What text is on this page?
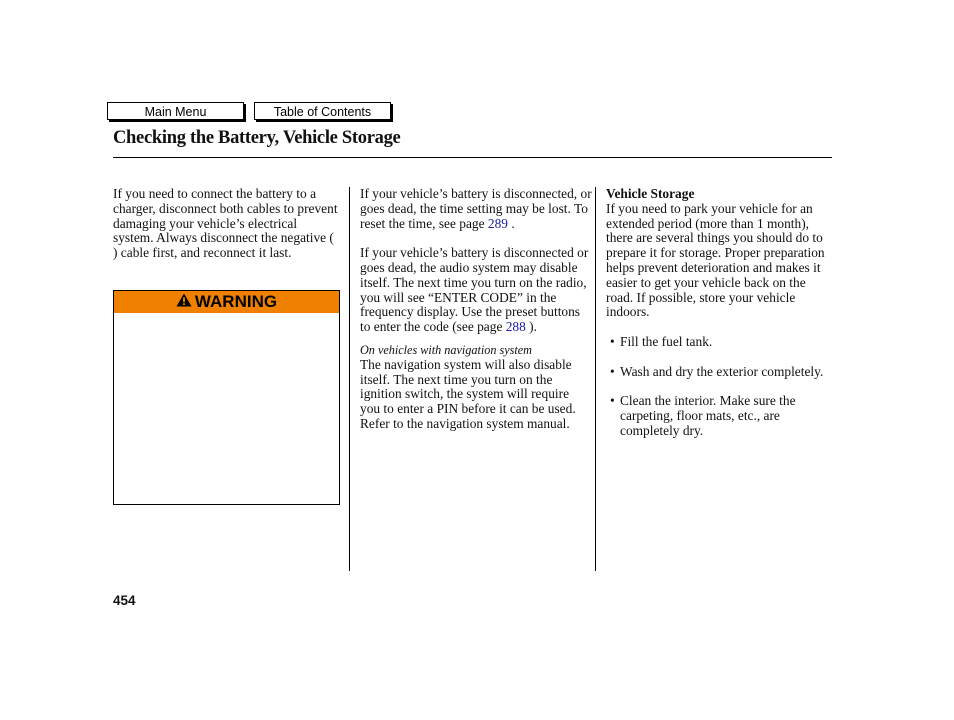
Main Menu	Table of Contents
Checking the Battery, Vehicle Storage

If you need to connect the battery to a charger, disconnect both cables to prevent damaging your vehicle’s electrical system. Always disconnect the negative ( ) cable first, and reconnect it last.

WARNING

If your vehicle’s battery is disconnected, or goes dead, the time setting may be lost. To reset the time, see page 289 .

If your vehicle’s battery is disconnected or goes dead, the audio system may disable itself. The next time you turn on the radio, you will see “ENTER CODE” in the frequency display. Use the preset buttons to enter the code (see page 288 ).

On vehicles with navigation system

The navigation system will also disable itself. The next time you turn on the ignition switch, the system will require you to enter a PIN before it can be used. Refer to the navigation system manual.

Vehicle Storage

If you need to park your vehicle for an extended period (more than 1 month), there are several things you should do to prepare it for storage. Proper preparation helps prevent deterioration and makes it easier to get your vehicle back on the road. If possible, store your vehicle indoors.

• Fill the fuel tank.
• Wash and dry the exterior completely.
• Clean the interior. Make sure the carpeting, floor mats, etc., are completely dry.
454
